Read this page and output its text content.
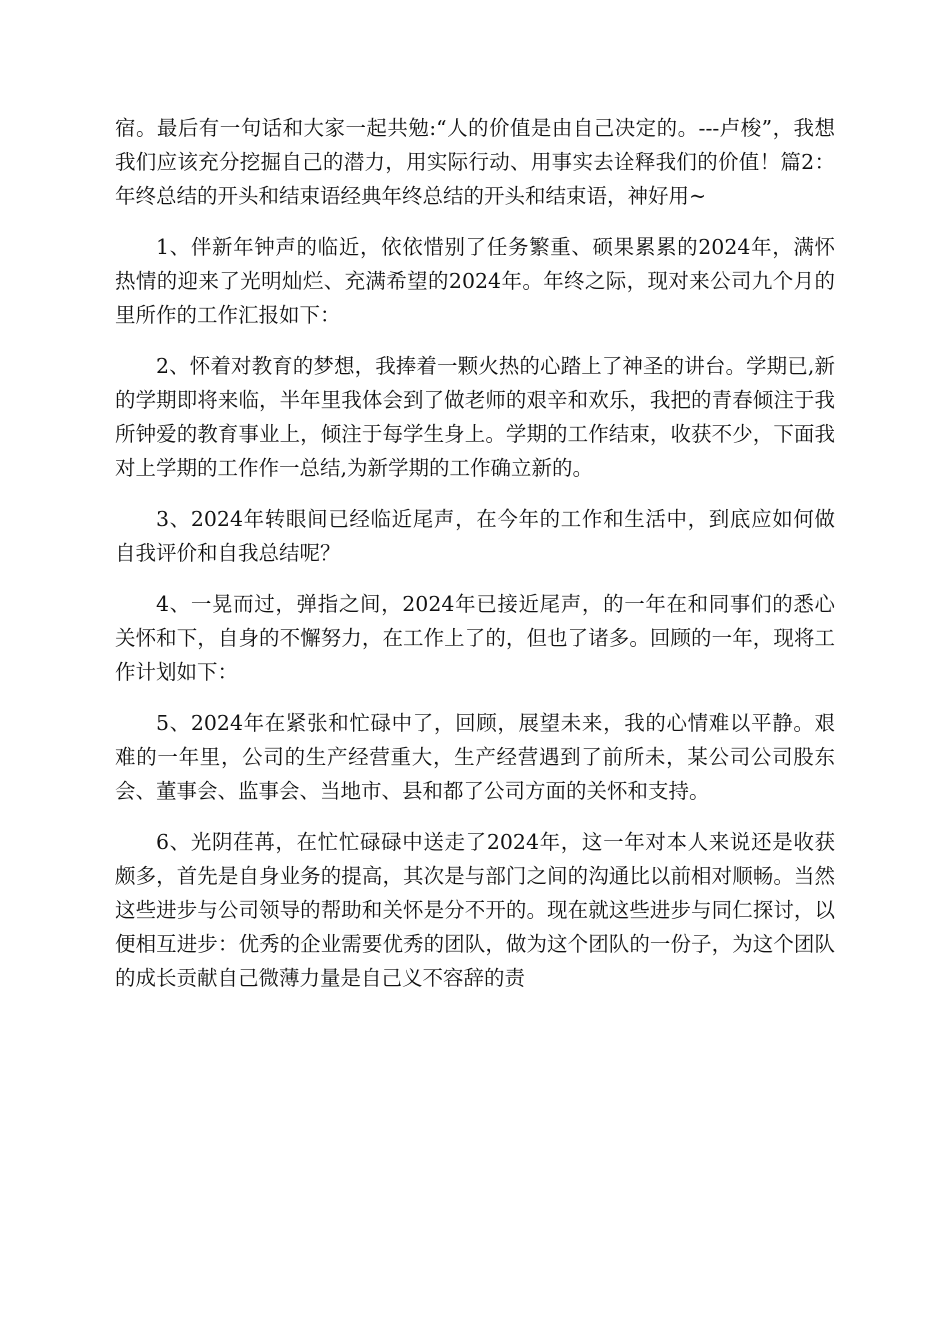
宿。最后有一句话和大家一起共勉:“人的价值是由自己决定的。---卢梭”，我想我们应该充分挖掘自己的潜力，用实际行动、用事实去诠释我们的价值！篇2：年终总结的开头和结束语经典年终总结的开头和结束语，神好用~

1、伴新年钟声的临近，依依惜别了任务繁重、硕果累累的2024年，满怀热情的迎来了光明灿烂、充满希望的2024年。年终之际，现对来公司九个月的里所作的工作汇报如下：

2、怀着对教育的梦想，我捧着一颗火热的心踏上了神圣的讲台。学期已,新的学期即将来临，半年里我体会到了做老师的艰辛和欢乐，我把的青春倾注于我所钟爱的教育事业上，倾注于每学生身上。学期的工作结束，收获不少，下面我对上学期的工作作一总结,为新学期的工作确立新的。

3、2024年转眼间已经临近尾声，在今年的工作和生活中，到底应如何做自我评价和自我总结呢？

4、一晃而过，弹指之间，2024年已接近尾声，的一年在和同事们的悉心关怀和下，自身的不懈努力，在工作上了的，但也了诸多。回顾的一年，现将工作计划如下：

5、2024年在紧张和忙碌中了，回顾，展望未来，我的心情难以平静。艰难的一年里，公司的生产经营重大，生产经营遇到了前所未，某公司公司股东会、董事会、监事会、当地市、县和都了公司方面的关怀和支持。

6、光阴荏苒，在忙忙碌碌中送走了2024年，这一年对本人来说还是收获颇多，首先是自身业务的提高，其次是与部门之间的沟通比以前相对顺畅。当然这些进步与公司领导的帮助和关怀是分不开的。现在就这些进步与同仁探讨，以便相互进步：优秀的企业需要优秀的团队，做为这个团队的一份子，为这个团队的成长贡献自己微薄力量是自己义不容辞的责
